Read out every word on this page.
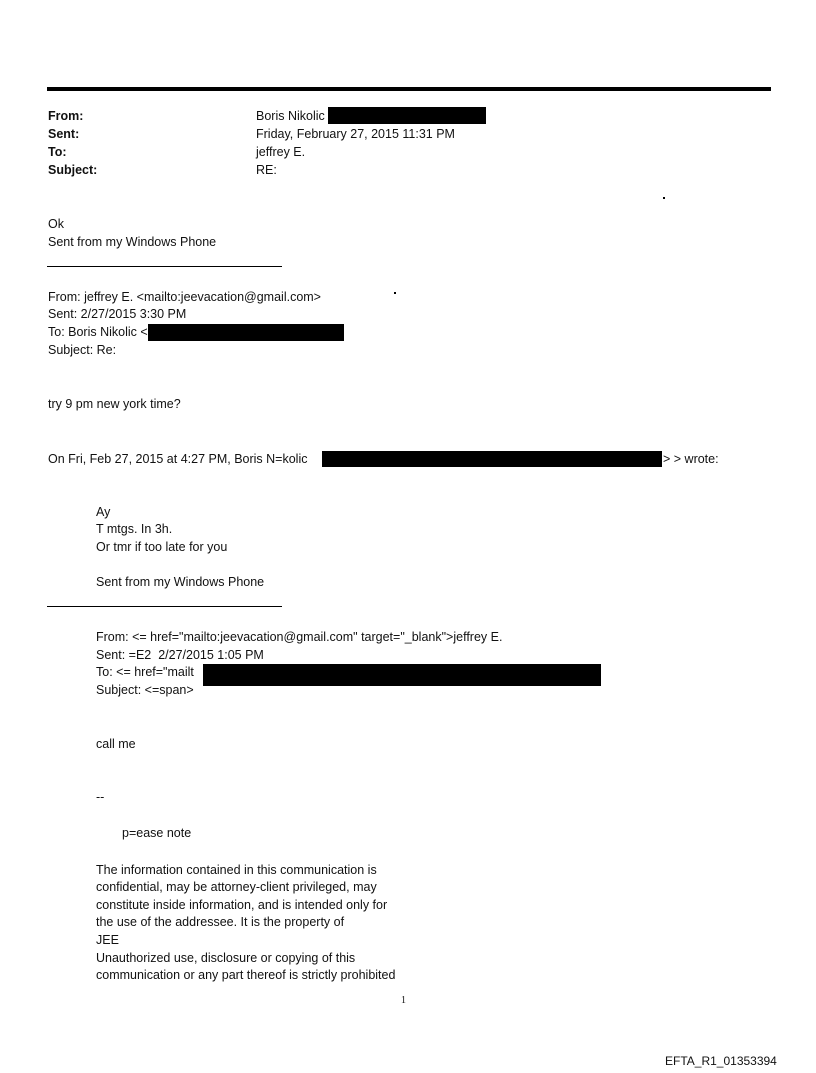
From:
Sent:
To:
Subject:
Boris Nikolic
Friday, February 27, 2015 11:31 PM
jeffrey E.
RE:
Ok
Sent from my Windows Phone
From: jeffrey E. <mailto:jeevacation@gmail.com>
Sent: 2/27/2015 3:30 PM
To: Boris Nikolic <
Subject: Re:
try 9 pm new york time?
On Fri, Feb 27, 2015 at 4:27 PM, Boris N=kolic	> > wrote:
Ay
T mtgs. In 3h.
Or tmr if too late for you
Sent from my Windows Phone
From: <= href="mailto:jeevacation@gmail.com" target="_blank">jeffrey E.
Sent: =E2  2/27/2015 1:05 PM
To: <= href="mailt
Subject: <=span>
call me
--
p=ease note
The information contained in this communication is
confidential, may be attorney-client privileged, may
constitute inside information, and is intended only for
the use of the addressee. It is the property of
JEE
Unauthorized use, disclosure or copying of this
communication or any part thereof is strictly prohibited
1
EFTA_R1_01353394
